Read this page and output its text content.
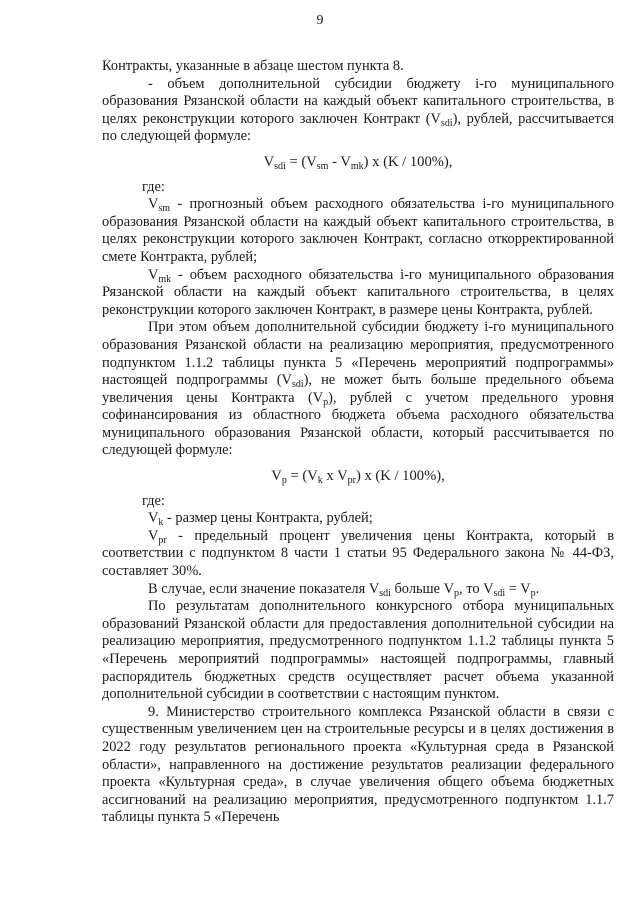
9

Контракты, указанные в абзаце шестом пункта 8.

- объем дополнительной субсидии бюджету i-го муниципального образования Рязанской области на каждый объект капитального строительства, в целях реконструкции которого заключен Контракт $(V_{sdi})$, рублей, рассчитывается по следующей формуле:

$V_{sdi} = (V_{sm} - V_{mk})$ x (K / 100%),

где:

$V_{sm}$ - прогнозный объем расходного обязательства i-го муниципального образования Рязанской области на каждый объект капитального строительства, в целях реконструкции которого заключен Контракт, согласно откорректированной смете Контракта, рублей;

$V_{mk}$ - объем расходного обязательства i-го муниципального образования Рязанской области на каждый объект капитального строительства, в целях реконструкции которого заключен Контракт, в размере цены Контракта, рублей.

При этом объем дополнительной субсидии бюджету i-го муниципального образования Рязанской области на реализацию мероприятия, предусмотренного подпунктом 1.1.2 таблицы пункта 5 «Перечень мероприятий подпрограммы» настоящей подпрограммы $(V_{sdi})$, не может быть больше предельного объема увеличения цены Контракта $(V_p)$, рублей с учетом предельного уровня софинансирования из областного бюджета объема расходного обязательства муниципального образования Рязанской области, который рассчитывается по следующей формуле:

$V_p = (V_k$ x $V_{pr}$) x (K / 100%),

где:

$V_k$ - размер цены Контракта, рублей;

$V_{pr}$ - предельный процент увеличения цены Контракта, который в соответствии с подпунктом 8 части 1 статьи 95 Федерального закона № 44-ФЗ, составляет 30%.

В случае, если значение показателя $V_{sdi}$ больше $V_p$, то $V_{sdi} = V_p$.

По результатам дополнительного конкурсного отбора муниципальных образований Рязанской области для предоставления дополнительной субсидии на реализацию мероприятия, предусмотренного подпунктом 1.1.2 таблицы пункта 5 «Перечень мероприятий подпрограммы» настоящей подпрограммы, главный распорядитель бюджетных средств осуществляет расчет объема указанной дополнительной субсидии в соответствии с настоящим пунктом.

9. Министерство строительного комплекса Рязанской области в связи с существенным увеличением цен на строительные ресурсы и в целях достижения в 2022 году результатов регионального проекта «Культурная среда в Рязанской области», направленного на достижение результатов реализации федерального проекта «Культурная среда», в случае увеличения общего объема бюджетных ассигнований на реализацию мероприятия, предусмотренного подпунктом 1.1.7 таблицы пункта 5 «Перечень
